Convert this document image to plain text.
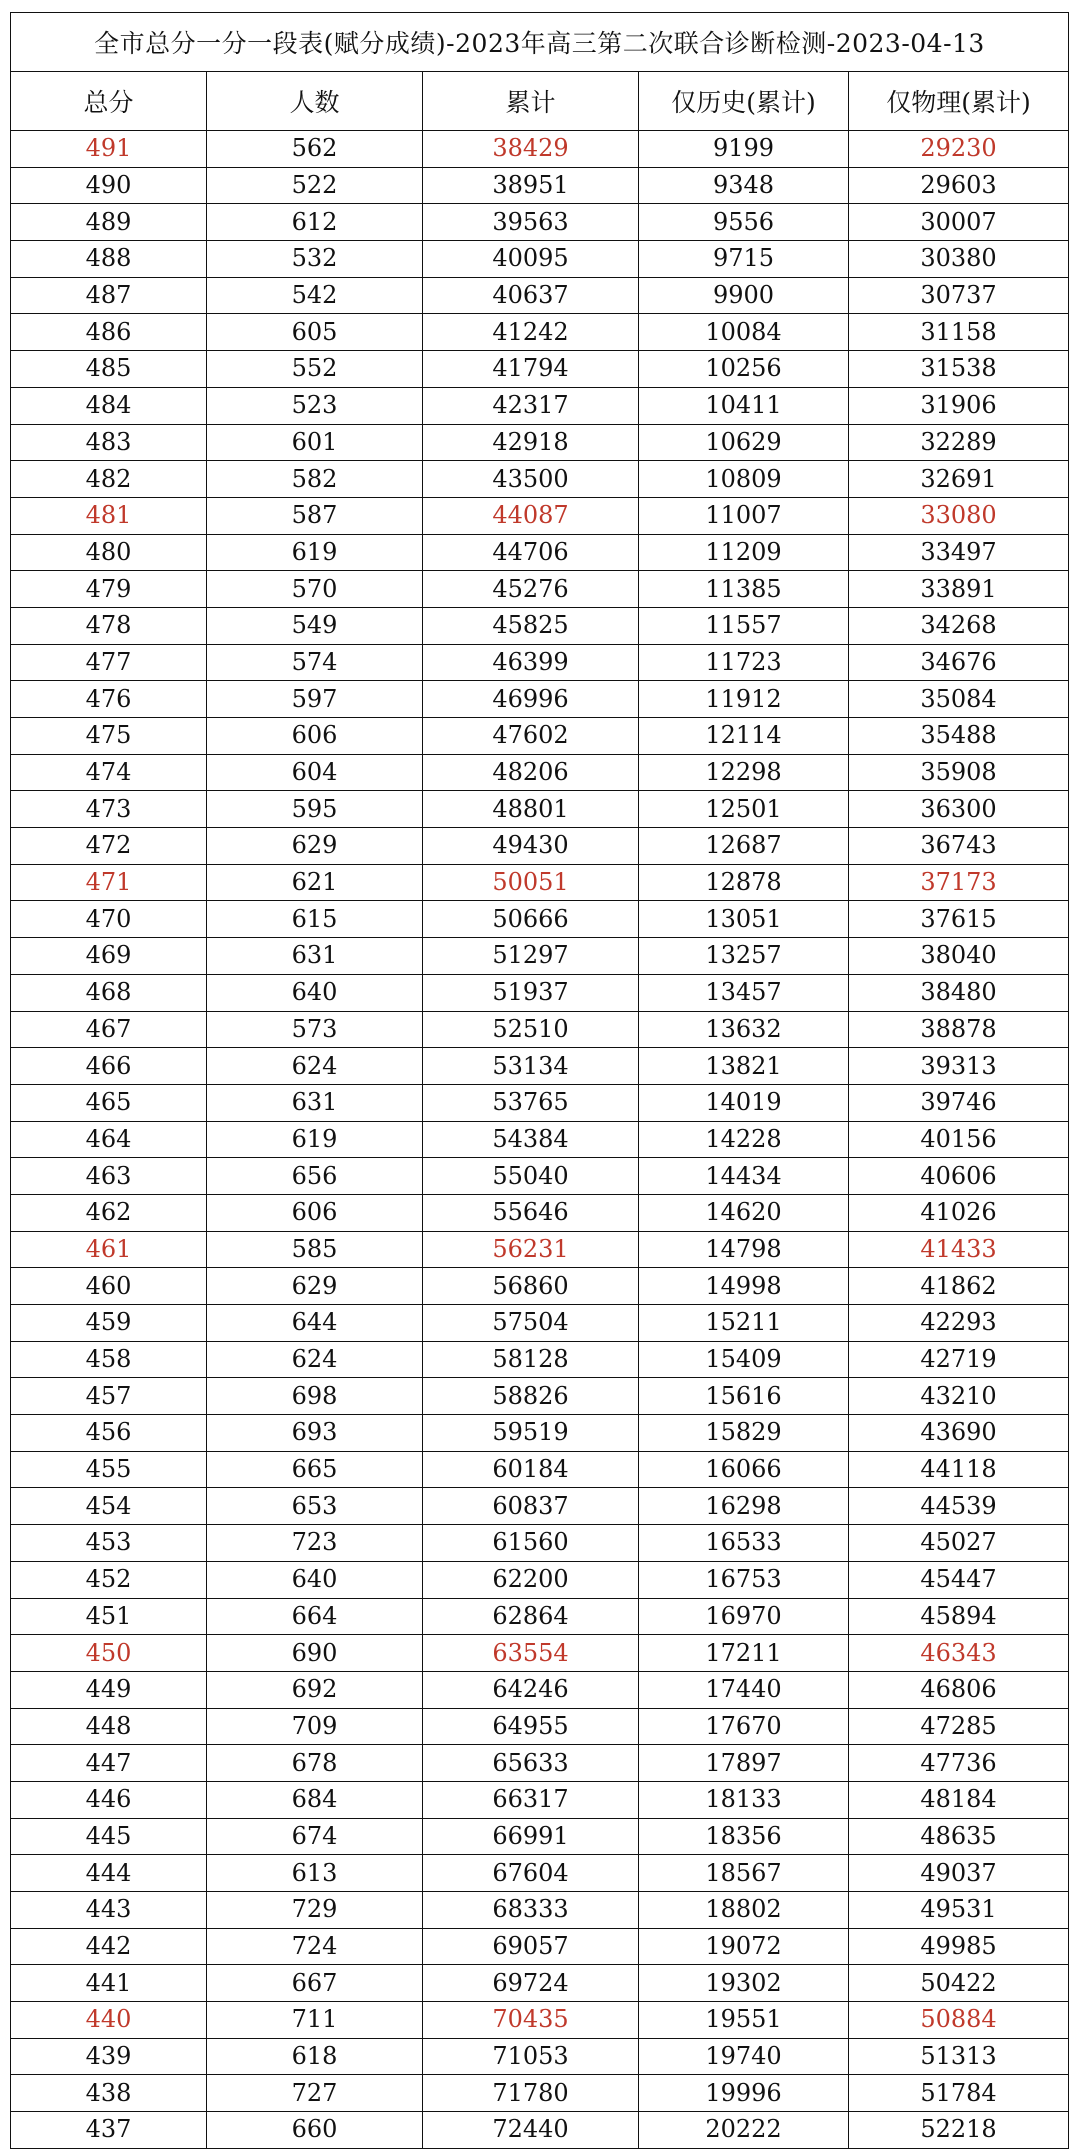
全市总分一分一段表(赋分成绩)-2023年高三第二次联合诊断检测-2023-04-13				
总分	人数	累计	仅历史(累计)	仅物理(累计)
491	562	38429	9199	29230
490	522	38951	9348	29603
489	612	39563	9556	30007
488	532	40095	9715	30380
487	542	40637	9900	30737
486	605	41242	10084	31158
485	552	41794	10256	31538
484	523	42317	10411	31906
483	601	42918	10629	32289
482	582	43500	10809	32691
481	587	44087	11007	33080
480	619	44706	11209	33497
479	570	45276	11385	33891
478	549	45825	11557	34268
477	574	46399	11723	34676
476	597	46996	11912	35084
475	606	47602	12114	35488
474	604	48206	12298	35908
473	595	48801	12501	36300
472	629	49430	12687	36743
471	621	50051	12878	37173
470	615	50666	13051	37615
469	631	51297	13257	38040
468	640	51937	13457	38480
467	573	52510	13632	38878
466	624	53134	13821	39313
465	631	53765	14019	39746
464	619	54384	14228	40156
463	656	55040	14434	40606
462	606	55646	14620	41026
461	585	56231	14798	41433
460	629	56860	14998	41862
459	644	57504	15211	42293
458	624	58128	15409	42719
457	698	58826	15616	43210
456	693	59519	15829	43690
455	665	60184	16066	44118
454	653	60837	16298	44539
453	723	61560	16533	45027
452	640	62200	16753	45447
451	664	62864	16970	45894
450	690	63554	17211	46343
449	692	64246	17440	46806
448	709	64955	17670	47285
447	678	65633	17897	47736
446	684	66317	18133	48184
445	674	66991	18356	48635
444	613	67604	18567	49037
443	729	68333	18802	49531
442	724	69057	19072	49985
441	667	69724	19302	50422
440	711	70435	19551	50884
439	618	71053	19740	51313
438	727	71780	19996	51784
437	660	72440	20222	52218
